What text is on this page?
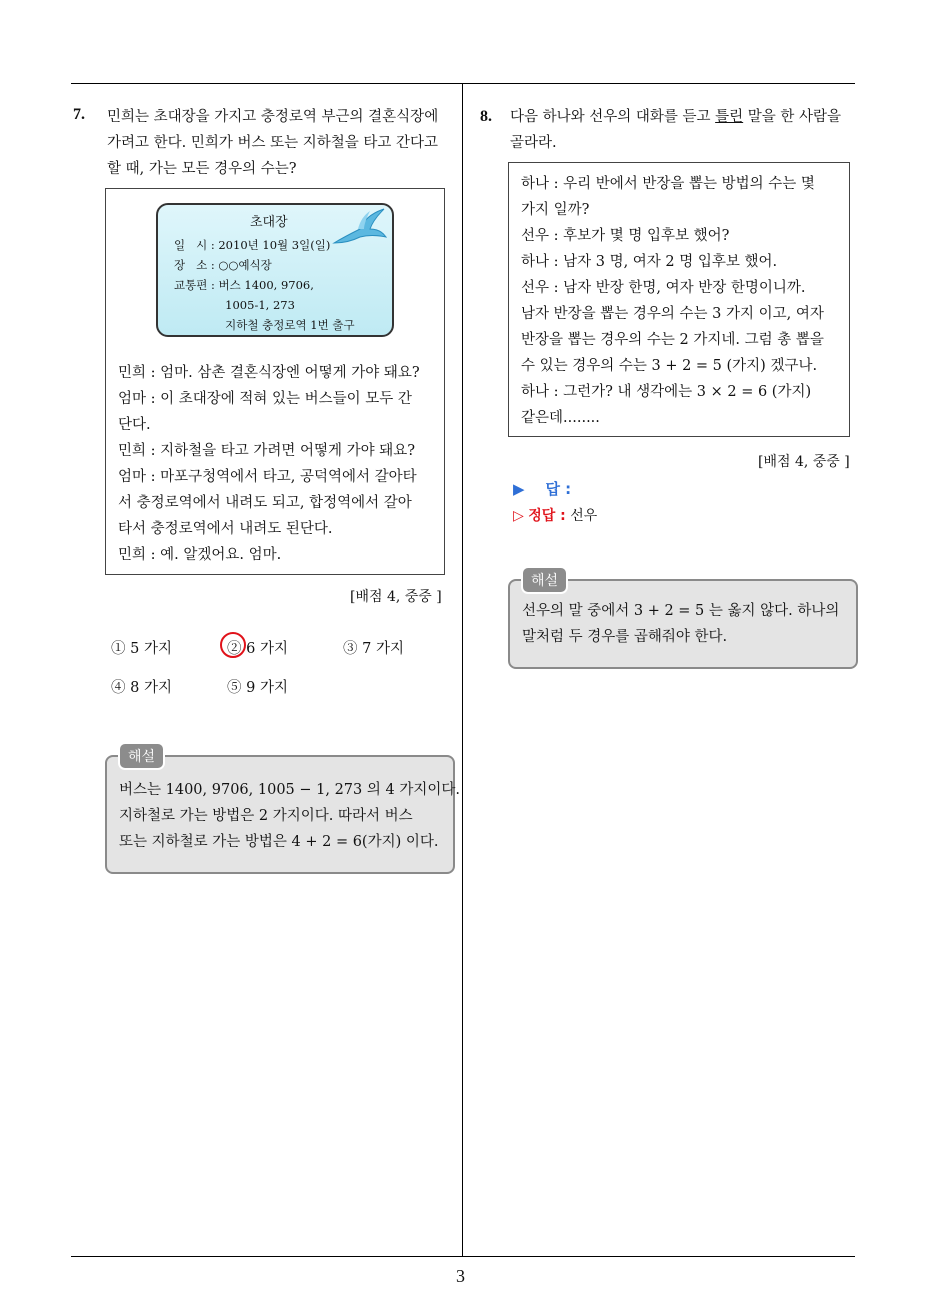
7. 민희는 초대장을 가지고 충정로역 부근의 결혼식장에
가려고 한다. 민희가 버스 또는 지하철을 타고 간다고
할 때, 가는 모든 경우의 수는?
초대장
일   시 : 2010년 10월 3일(일)
장   소 : ○○예식장
교통편 : 버스 1400, 9706,
1005-1, 273
지하철 충정로역 1번 출구
민희 : 엄마. 삼촌 결혼식장엔 어떻게 가야 돼요?
엄마 : 이 초대장에 적혀 있는 버스들이 모두 간
단다.
민희 : 지하철을 타고 가려면 어떻게 가야 돼요?
엄마 : 마포구청역에서 타고, 공덕역에서 갈아타
서 충정로역에서 내려도 되고, 합정역에서 갈아
타서 충정로역에서 내려도 된단다.
민희 : 예. 알겠어요. 엄마.
[배점 4, 중중 ]
① 5 가지	② 6 가지	③ 7 가지
④ 8 가지	⑤ 9 가지
버스는 1400, 9706, 1005 − 1, 273 의 4 가지이다.
지하철로 가는 방법은 2 가지이다. 따라서 버스
또는 지하철로 가는 방법은 4 + 2 = 6(가지) 이다.
해설
8. 다음 하나와 선우의 대화를 듣고 틀린 말을 한 사람을
골라라.
하나 : 우리 반에서 반장을 뽑는 방법의 수는 몇
가지 일까?
선우 : 후보가 몇 명 입후보 했어?
하나 : 남자 3 명, 여자 2 명 입후보 했어.
선우 : 남자 반장 한명, 여자 반장 한명이니까.
남자 반장을 뽑는 경우의 수는 3 가지 이고, 여자
반장을 뽑는 경우의 수는 2 가지네. 그럼 총 뽑을
수 있는 경우의 수는 3 + 2 = 5 (가지) 겠구나.
하나 : 그런가? 내 생각에는 3 × 2 = 6 (가지)
같은데........
[배점 4, 중중 ]
▶ 답 :
▷ 정답 : 선우
선우의 말 중에서 3 + 2 = 5 는 옳지 않다. 하나의
말처럼 두 경우를 곱해줘야 한다.
해설
3
